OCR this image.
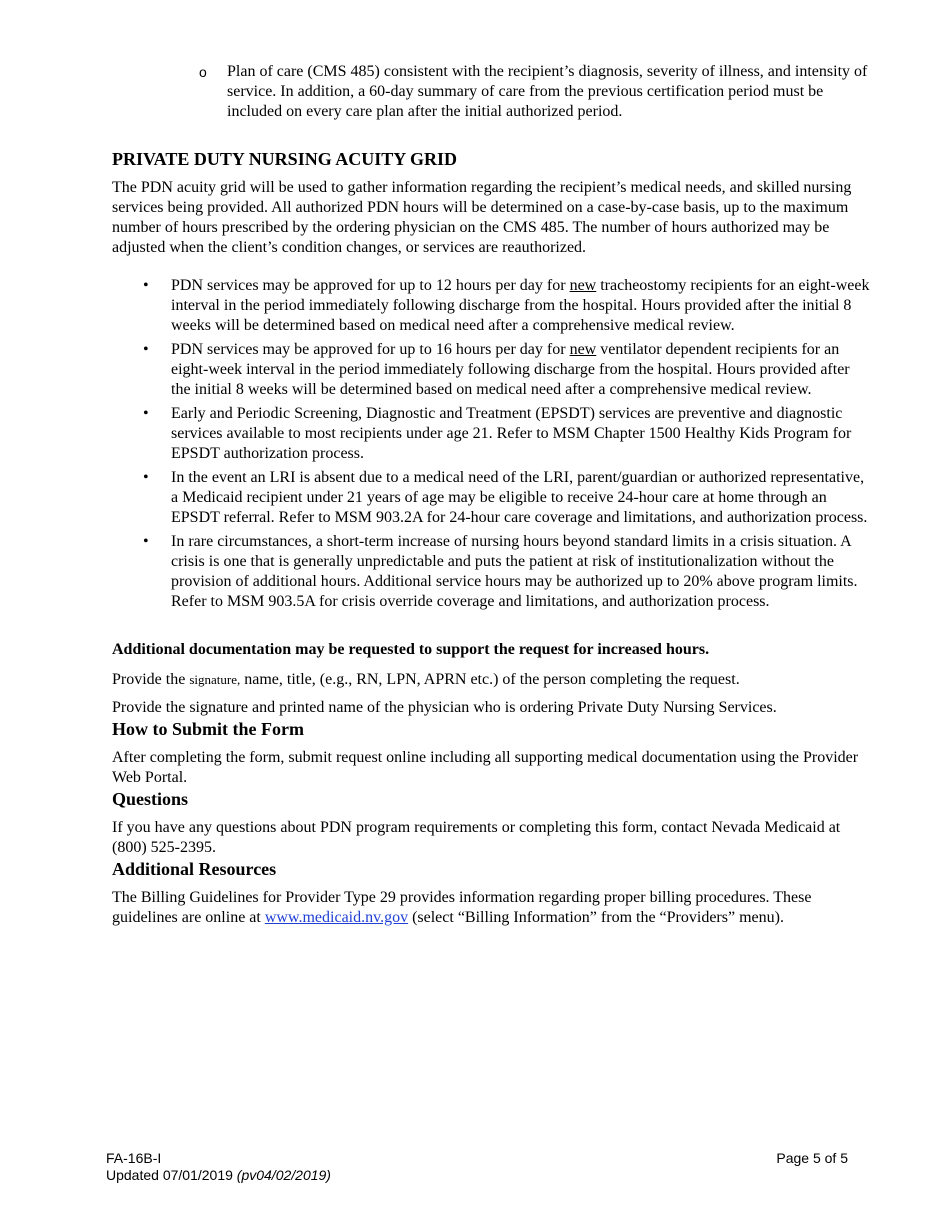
o Plan of care (CMS 485) consistent with the recipient’s diagnosis, severity of illness, and intensity of service. In addition, a 60-day summary of care from the previous certification period must be included on every care plan after the initial authorized period.

PRIVATE DUTY NURSING ACUITY GRID

The PDN acuity grid will be used to gather information regarding the recipient’s medical needs, and skilled nursing services being provided. All authorized PDN hours will be determined on a case-by-case basis, up to the maximum number of hours prescribed by the ordering physician on the CMS 485. The number of hours authorized may be adjusted when the client’s condition changes, or services are reauthorized.

• PDN services may be approved for up to 12 hours per day for new tracheostomy recipients for an eight-week interval in the period immediately following discharge from the hospital. Hours provided after the initial 8 weeks will be determined based on medical need after a comprehensive medical review.
• PDN services may be approved for up to 16 hours per day for new ventilator dependent recipients for an eight-week interval in the period immediately following discharge from the hospital. Hours provided after the initial 8 weeks will be determined based on medical need after a comprehensive medical review.
• Early and Periodic Screening, Diagnostic and Treatment (EPSDT) services are preventive and diagnostic services available to most recipients under age 21. Refer to MSM Chapter 1500 Healthy Kids Program for EPSDT authorization process.
• In the event an LRI is absent due to a medical need of the LRI, parent/guardian or authorized representative, a Medicaid recipient under 21 years of age may be eligible to receive 24-hour care at home through an EPSDT referral. Refer to MSM 903.2A for 24-hour care coverage and limitations, and authorization process.
• In rare circumstances, a short-term increase of nursing hours beyond standard limits in a crisis situation. A crisis is one that is generally unpredictable and puts the patient at risk of institutionalization without the provision of additional hours. Additional service hours may be authorized up to 20% above program limits. Refer to MSM 903.5A for crisis override coverage and limitations, and authorization process.

Additional documentation may be requested to support the request for increased hours.

Provide the signature, name, title, (e.g., RN, LPN, APRN etc.) of the person completing the request.

Provide the signature and printed name of the physician who is ordering Private Duty Nursing Services.

How to Submit the Form

After completing the form, submit request online including all supporting medical documentation using the Provider Web Portal.

Questions

If you have any questions about PDN program requirements or completing this form, contact Nevada Medicaid at (800) 525-2395.

Additional Resources

The Billing Guidelines for Provider Type 29 provides information regarding proper billing procedures. These guidelines are online at www.medicaid.nv.gov (select “Billing Information” from the “Providers” menu).

FA-16B-I
Updated 07/01/2019 (pv04/02/2019)
Page 5 of 5
